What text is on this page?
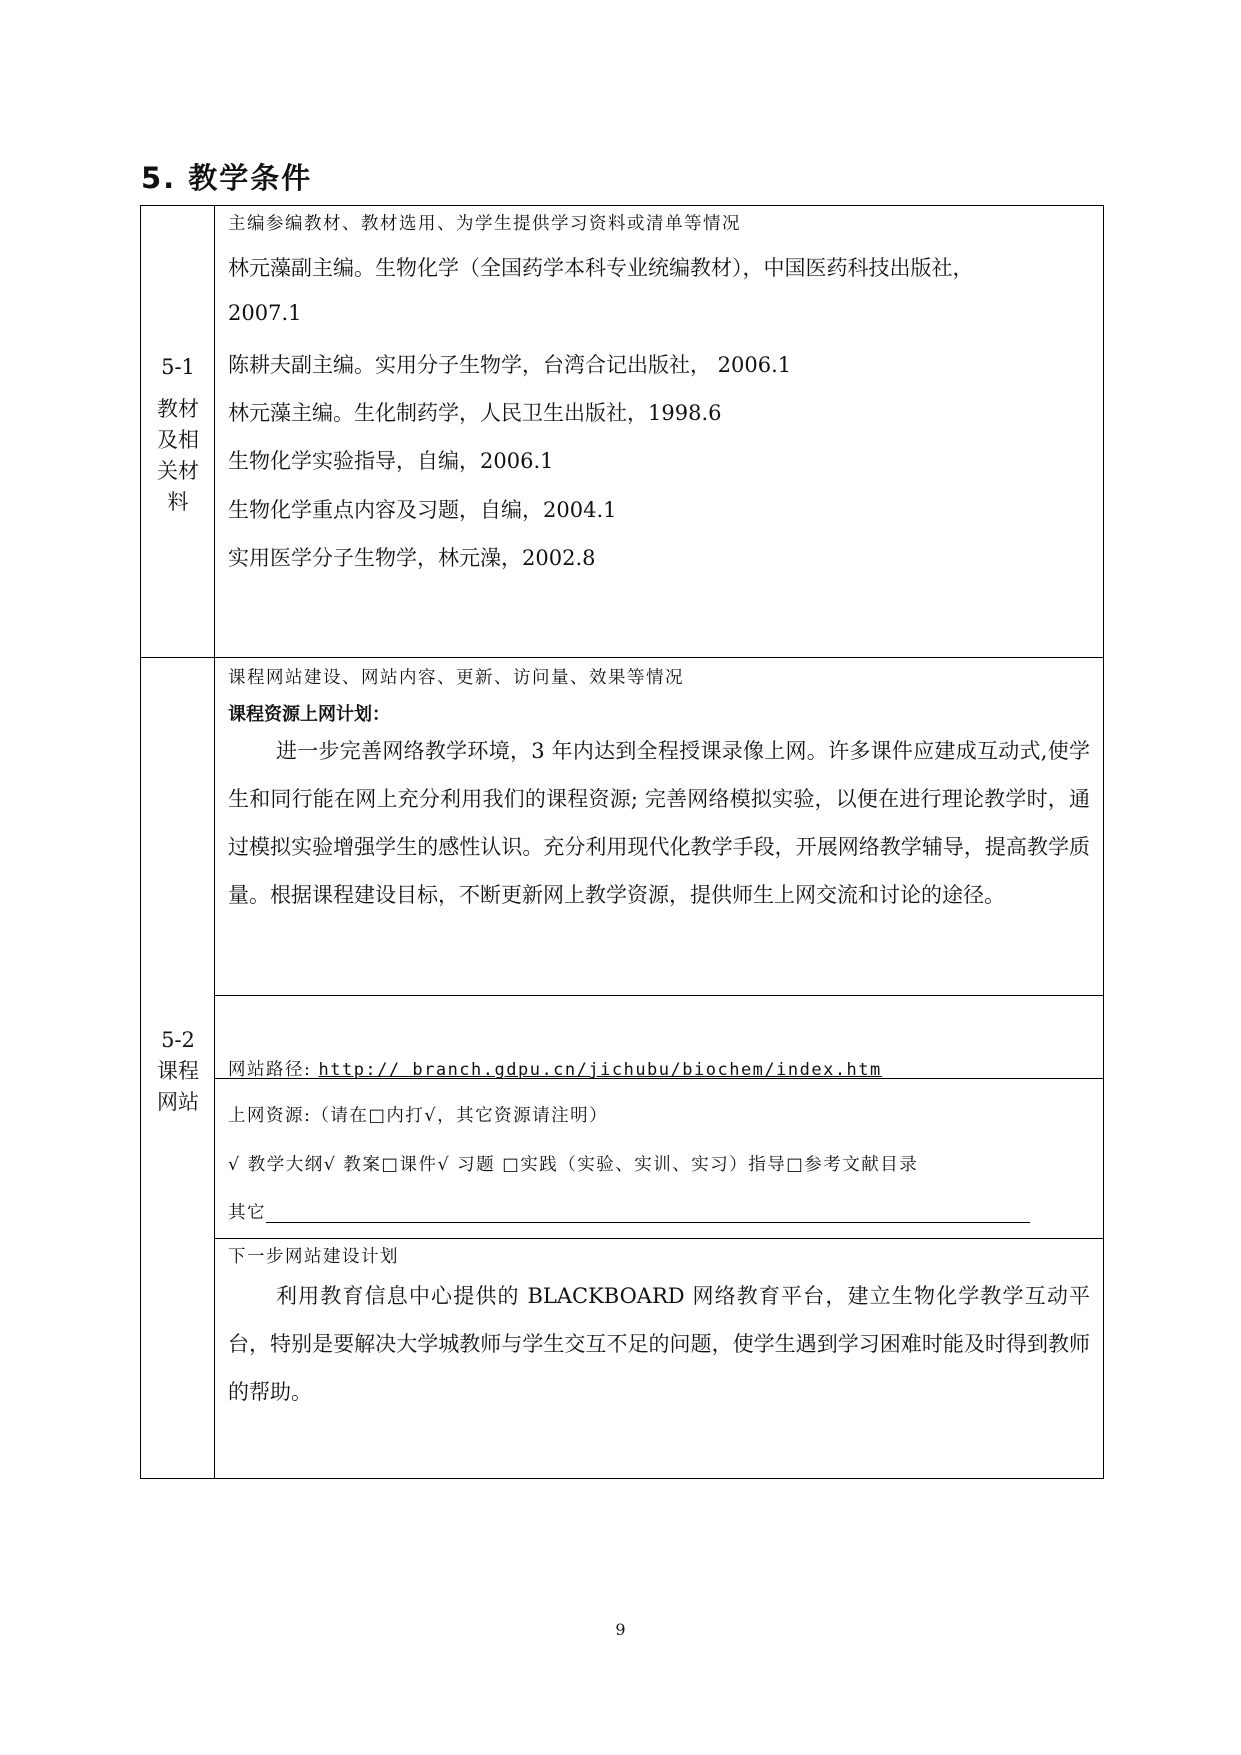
5. 教学条件
5-1
教材
及相
关材
料
主编参编教材、教材选用、为学生提供学习资料或清单等情况
林元藻副主编。生物化学（全国药学本科专业统编教材），中国医药科技出版社，
2007.1
陈耕夫副主编。实用分子生物学，台湾合记出版社， 2006.1
林元藻主编。生化制药学，人民卫生出版社，1998.6
生物化学实验指导，自编，2006.1
生物化学重点内容及习题，自编，2004.1
实用医学分子生物学，林元澡，2002.8
5-2
课程
网站
课程网站建设、网站内容、更新、访问量、效果等情况
课程资源上网计划：

进一步完善网络教学环境，3 年内达到全程授课录像上网。许多课件应建成互动式,使学生和同行能在网上充分利用我们的课程资源; 完善网络模拟实验，以便在进行理论教学时，通过模拟实验增强学生的感性认识。充分利用现代化教学手段，开展网络教学辅导，提高教学质量。根据课程建设目标，不断更新网上教学资源，提供师生上网交流和讨论的途径。

网站路径: http:// branch.gdpu.cn/jichubu/biochem/index.htm
上网资源:（请在□内打√，其它资源请注明）
√ 教学大纲√ 教案□课件√ 习题 □实践（实验、实训、实习）指导□参考文献目录
其它
下一步网站建设计划

利用教育信息中心提供的 BLACKBOARD 网络教育平台，建立生物化学教学互动平台，特别是要解决大学城教师与学生交互不足的问题，使学生遇到学习困难时能及时得到教师的帮助。

9
